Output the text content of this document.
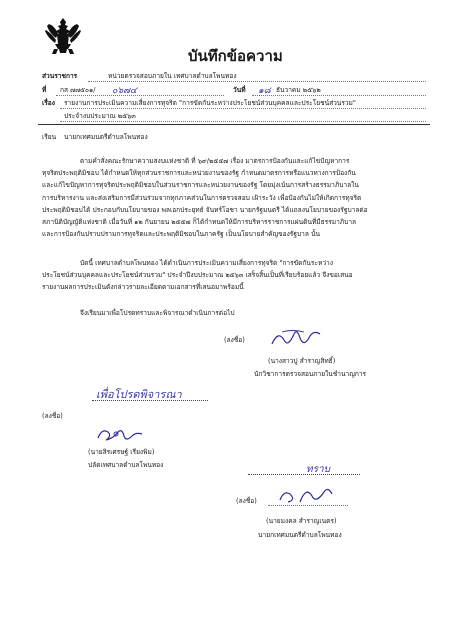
บันทึกข้อความ
ส่วนราชการ	หน่วยตรวจสอบภายใน เทศบาลตำบลโพนทอง
ที่ กส ๗๗๕๐๑/ ๐๖๗๔	วันที่ ๑๘ ธันวาคม ๒๕๖๒
เรื่อง รายงานการประเมินความเสี่ยงการทุจริต "การขัดกันระหว่างประโยชน์ส่วนบุคคลและประโยชน์ส่วนรวม"
ประจำงบประมาณ ๒๕๖๓
เรียน นายกเทศมนตรีตำบลโพนทอง
ตามคำสั่งคณะรักษาความสงบแห่งชาติ ที่ ๖๙/๒๕๕๗ เรื่อง มาตรการป้องกันและแก้ไขปัญหาการ
ทุจริตประพฤติมิชอบ ได้กำหนดให้ทุกส่วนราชการและหน่วยงานของรัฐ กำหนดมาตรการหรือแนวทางการป้องกัน
และแก้ไขปัญหาการทุจริตประพฤติมิชอบในส่วนราชการและหน่วยงานของรัฐ โดยมุ่งเน้นการสร้างธรรมาภิบาลใน
การบริหารงาน และส่งเสริมการมีส่วนร่วมจากทุกภาคส่วนในการตรวจสอบ เฝ้าระวัง เพื่อป้องกันไม่ให้เกิดการทุจริต
ประพฤติมิชอบได้ ประกอบกับนโยบายของ พลเอกประยุทธ์ จันทร์โอชา นายกรัฐมนตรี ได้แถลงนโยบายของรัฐบาลต่อ
สภานิติบัญญัติแห่งชาติ เมื่อวันที่ ๑๒ กันยายน ๒๕๕๗ ก็ได้กำหนดให้มีการบริหารราชการแผ่นดินที่มีธรรมาภิบาล
และการป้องกันปราบปรามการทุจริตและประพฤติมิชอบในภาครัฐ เป็นนโยบายสำคัญของรัฐบาล นั้น
บัดนี้ เทศบาลตำบลโพนทอง ได้ดำเนินการประเมินความเสี่ยงการทุจริต "การขัดกันระหว่าง
ประโยชน์ส่วนบุคคลและประโยชน์ส่วนรวม" ประจำปีงบประมาณ ๒๕๖๓ เสร็จสิ้นเป็นที่เรียบร้อยแล้ว จึงขอเสนอ
รายงานผลการประเมินดังกล่าวรายละเอียดตามเอกสารที่เสนอมาพร้อมนี้
จึงเรียนมาเพื่อโปรดทราบและพิจารณาดำเนินการต่อไป
(ลงชื่อ)
(นางสาวปู สำราญสิทธิ์)
นักวิชาการตรวจสอบภายในชำนาญการ
เพื่อโปรดพิจารณา
(ลงชื่อ)
(นายสิรเศรษฐ์ เรียงพิม)
ปลัดเทศบาลตำบลโพนทอง	ทราบ
(ลงชื่อ)
(นายมงคล สำราญเนตร)
นายกเทศมนตรีตำบลโพนทอง
